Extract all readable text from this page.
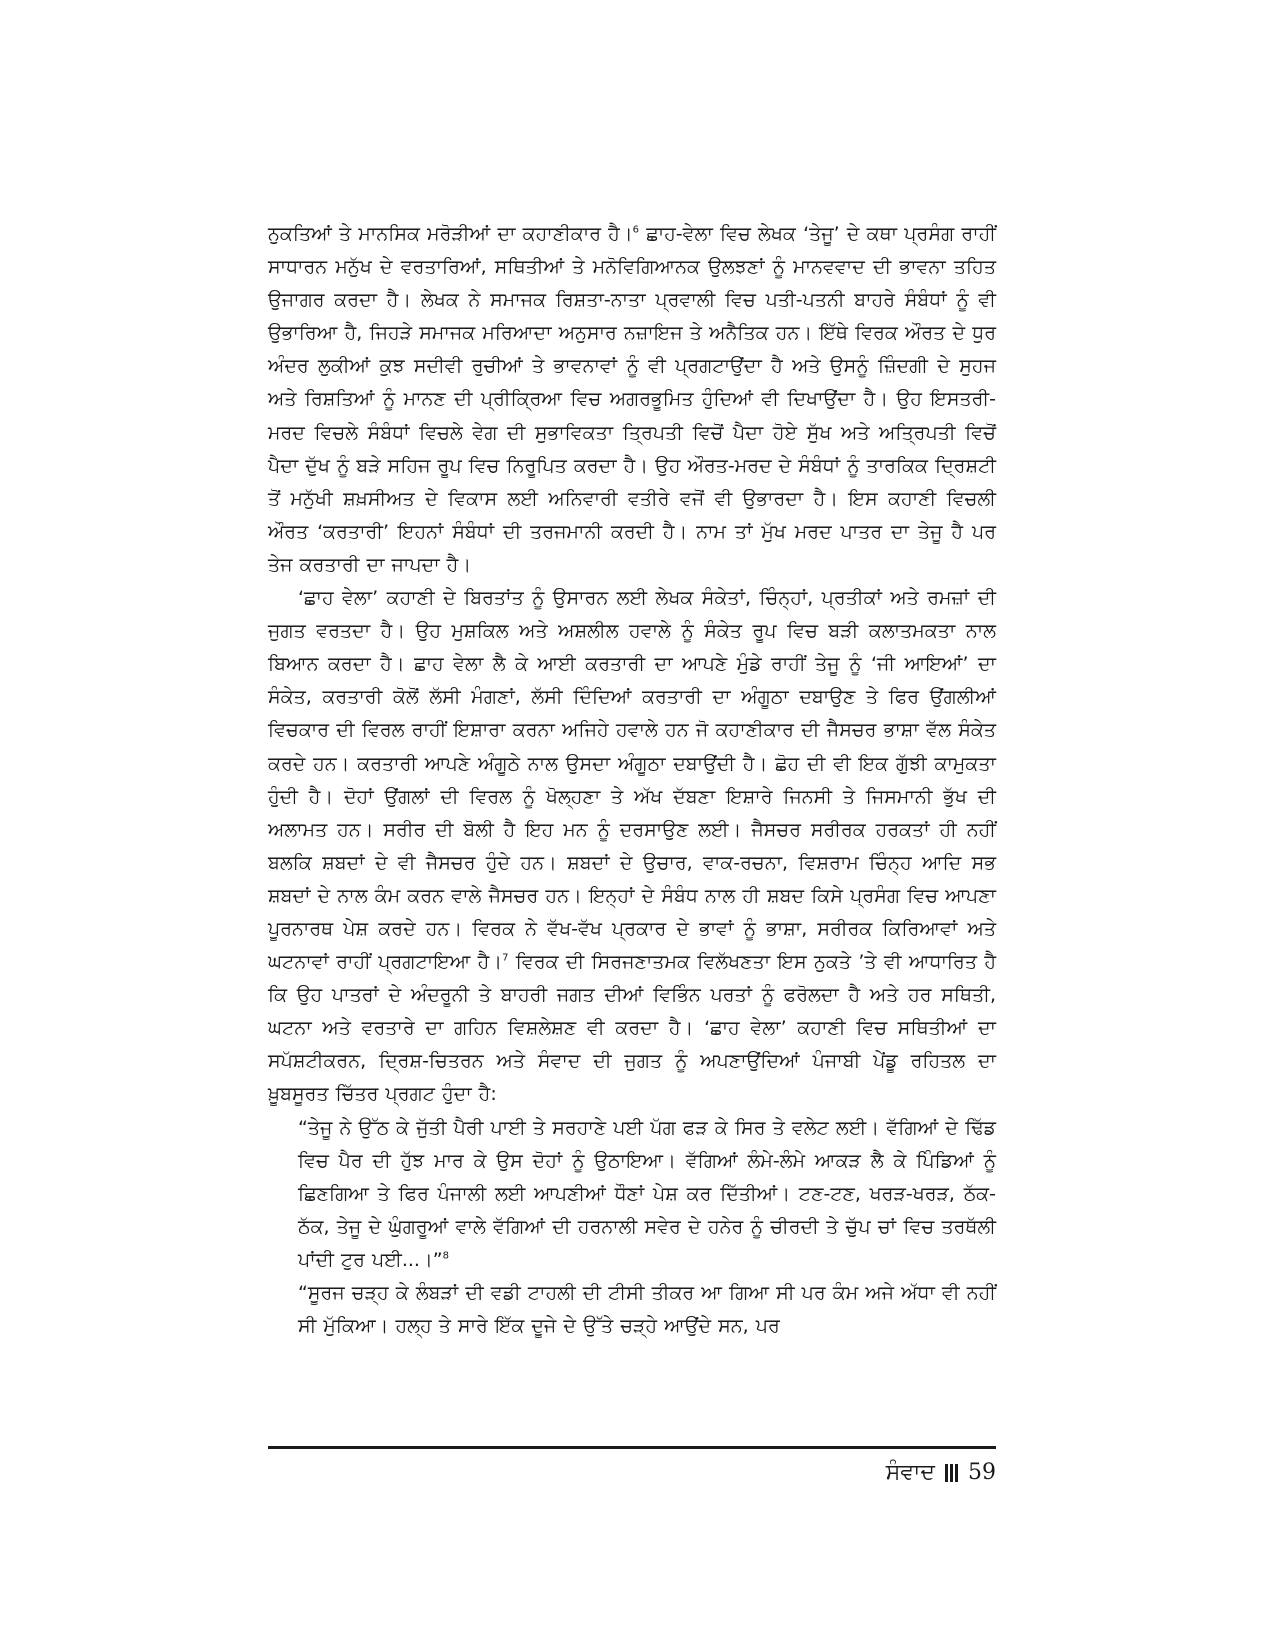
ਨੁਕਤਿਆਂ ਤੇ ਮਾਨਸਿਕ ਮਰੋੜੀਆਂ ਦਾ ਕਹਾਣੀਕਾਰ ਹੈ।$^6$ ਛਾਹ-ਵੇਲਾ ਵਿਚ ਲੇਖਕ ‘ਤੇਜੂ’ ਦੇ ਕਥਾ ਪ੍ਰਸੰਗ ਰਾਹੀਂ ਸਾਧਾਰਨ ਮਨੁੱਖ ਦੇ ਵਰਤਾਰਿਆਂ, ਸਥਿਤੀਆਂ ਤੇ ਮਨੋਵਿਗਿਆਨਕ ਉਲਝਣਾਂ ਨੂੰ ਮਾਨਵਵਾਦ ਦੀ ਭਾਵਨਾ ਤਹਿਤ ਉਜਾਗਰ ਕਰਦਾ ਹੈ। ਲੇਖਕ ਨੇ ਸਮਾਜਕ ਰਿਸ਼ਤਾ-ਨਾਤਾ ਪ੍ਰਵਾਲੀ ਵਿਚ ਪਤੀ-ਪਤਨੀ ਬਾਹਰੇ ਸੰਬੰਧਾਂ ਨੂੰ ਵੀ ਉਭਾਰਿਆ ਹੈ, ਜਿਹੜੇ ਸਮਾਜਕ ਮਰਿਆਦਾ ਅਨੁਸਾਰ ਨਜ਼ਾਇਜ ਤੇ ਅਨੈਤਿਕ ਹਨ। ਇੱਥੇ ਵਿਰਕ ਔਰਤ ਦੇ ਧੁਰ ਅੰਦਰ ਲੁਕੀਆਂ ਕੁਝ ਸਦੀਵੀ ਰੁਚੀਆਂ ਤੇ ਭਾਵਨਾਵਾਂ ਨੂੰ ਵੀ ਪ੍ਰਗਟਾਉਂਦਾ ਹੈ ਅਤੇ ਉਸਨੂੰ ਜ਼ਿੰਦਗੀ ਦੇ ਸੁਹਜ ਅਤੇ ਰਿਸ਼ਤਿਆਂ ਨੂੰ ਮਾਨਣ ਦੀ ਪ੍ਰੀਕ੍ਰਿਆ ਵਿਚ ਅਗਰਭੂਮਿਤ ਹੁੰਦਿਆਂ ਵੀ ਦਿਖਾਉਂਦਾ ਹੈ। ਉਹ ਇਸਤਰੀ-ਮਰਦ ਵਿਚਲੇ ਸੰਬੰਧਾਂ ਵਿਚਲੇ ਵੇਗ ਦੀ ਸੁਭਾਵਿਕਤਾ ਤ੍ਰਿਪਤੀ ਵਿਚੋਂ ਪੈਦਾ ਹੋਏ ਸੁੱਖ ਅਤੇ ਅਤ੍ਰਿਪਤੀ ਵਿਚੋਂ ਪੈਦਾ ਦੁੱਖ ਨੂੰ ਬੜੇ ਸਹਿਜ ਰੂਪ ਵਿਚ ਨਿਰੂਪਿਤ ਕਰਦਾ ਹੈ। ਉਹ ਔਰਤ-ਮਰਦ ਦੇ ਸੰਬੰਧਾਂ ਨੂੰ ਤਾਰਕਿਕ ਦ੍ਰਿਸ਼ਟੀ ਤੋਂ ਮਨੁੱਖੀ ਸ਼ਖ਼ਸੀਅਤ ਦੇ ਵਿਕਾਸ ਲਈ ਅਨਿਵਾਰੀ ਵਤੀਰੇ ਵਜੋਂ ਵੀ ਉਭਾਰਦਾ ਹੈ। ਇਸ ਕਹਾਣੀ ਵਿਚਲੀ ਔਰਤ ‘ਕਰਤਾਰੀ’ ਇਹਨਾਂ ਸੰਬੰਧਾਂ ਦੀ ਤਰਜਮਾਨੀ ਕਰਦੀ ਹੈ। ਨਾਮ ਤਾਂ ਮੁੱਖ ਮਰਦ ਪਾਤਰ ਦਾ ਤੇਜੂ ਹੈ ਪਰ ਤੇਜ ਕਰਤਾਰੀ ਦਾ ਜਾਪਦਾ ਹੈ।

‘ਛਾਹ ਵੇਲਾ’ ਕਹਾਣੀ ਦੇ ਬਿਰਤਾਂਤ ਨੂੰ ਉਸਾਰਨ ਲਈ ਲੇਖਕ ਸੰਕੇਤਾਂ, ਚਿੰਨ੍ਹਾਂ, ਪ੍ਰਤੀਕਾਂ ਅਤੇ ਰਮਜ਼ਾਂ ਦੀ ਜੁਗਤ ਵਰਤਦਾ ਹੈ। ਉਹ ਮੁਸ਼ਕਿਲ ਅਤੇ ਅਸ਼ਲੀਲ ਹਵਾਲੇ ਨੂੰ ਸੰਕੇਤ ਰੂਪ ਵਿਚ ਬੜੀ ਕਲਾਤਮਕਤਾ ਨਾਲ ਬਿਆਨ ਕਰਦਾ ਹੈ। ਛਾਹ ਵੇਲਾ ਲੈ ਕੇ ਆਈ ਕਰਤਾਰੀ ਦਾ ਆਪਣੇ ਮੁੰਡੇ ਰਾਹੀਂ ਤੇਜੂ ਨੂੰ ‘ਜੀ ਆਇਆਂ’ ਦਾ ਸੰਕੇਤ, ਕਰਤਾਰੀ ਕੋਲੋਂ ਲੱਸੀ ਮੰਗਣਾਂ, ਲੱਸੀ ਦਿੰਦਿਆਂ ਕਰਤਾਰੀ ਦਾ ਅੰਗੂਠਾ ਦਬਾਉਣ ਤੇ ਫਿਰ ਉਂਗਲੀਆਂ ਵਿਚਕਾਰ ਦੀ ਵਿਰਲ ਰਾਹੀਂ ਇਸ਼ਾਰਾ ਕਰਨਾ ਅਜਿਹੇ ਹਵਾਲੇ ਹਨ ਜੋ ਕਹਾਣੀਕਾਰ ਦੀ ਜੈਸਚਰ ਭਾਸ਼ਾ ਵੱਲ ਸੰਕੇਤ ਕਰਦੇ ਹਨ। ਕਰਤਾਰੀ ਆਪਣੇ ਅੰਗੂਠੇ ਨਾਲ ਉਸਦਾ ਅੰਗੂਠਾ ਦਬਾਉਂਦੀ ਹੈ। ਛੋਹ ਦੀ ਵੀ ਇਕ ਗੁੱਝੀ ਕਾਮੁਕਤਾ ਹੁੰਦੀ ਹੈ। ਦੋਹਾਂ ਉਂਗਲਾਂ ਦੀ ਵਿਰਲ ਨੂੰ ਖੋਲ੍ਹਣਾ ਤੇ ਅੱਖ ਦੱਬਣਾ ਇਸ਼ਾਰੇ ਜਿਨਸੀ ਤੇ ਜਿਸਮਾਨੀ ਭੁੱਖ ਦੀ ਅਲਾਮਤ ਹਨ। ਸਰੀਰ ਦੀ ਬੋਲੀ ਹੈ ਇਹ ਮਨ ਨੂੰ ਦਰਸਾਉਣ ਲਈ। ਜੈਸਚਰ ਸਰੀਰਕ ਹਰਕਤਾਂ ਹੀ ਨਹੀਂ ਬਲਕਿ ਸ਼ਬਦਾਂ ਦੇ ਵੀ ਜੈਸਚਰ ਹੁੰਦੇ ਹਨ। ਸ਼ਬਦਾਂ ਦੇ ਉਚਾਰ, ਵਾਕ-ਰਚਨਾ, ਵਿਸ਼ਰਾਮ ਚਿੰਨ੍ਹ ਆਦਿ ਸਭ ਸ਼ਬਦਾਂ ਦੇ ਨਾਲ ਕੰਮ ਕਰਨ ਵਾਲੇ ਜੈਸਚਰ ਹਨ। ਇਨ੍ਹਾਂ ਦੇ ਸੰਬੰਧ ਨਾਲ ਹੀ ਸ਼ਬਦ ਕਿਸੇ ਪ੍ਰਸੰਗ ਵਿਚ ਆਪਣਾ ਪੂਰਨਾਰਥ ਪੇਸ਼ ਕਰਦੇ ਹਨ। ਵਿਰਕ ਨੇ ਵੱਖ-ਵੱਖ ਪ੍ਰਕਾਰ ਦੇ ਭਾਵਾਂ ਨੂੰ ਭਾਸ਼ਾ, ਸਰੀਰਕ ਕਿਰਿਆਵਾਂ ਅਤੇ ਘਟਨਾਵਾਂ ਰਾਹੀਂ ਪ੍ਰਗਟਾਇਆ ਹੈ।$^7$ ਵਿਰਕ ਦੀ ਸਿਰਜਣਾਤਮਕ ਵਿਲੱਖਣਤਾ ਇਸ ਨੁਕਤੇ ’ਤੇ ਵੀ ਆਧਾਰਿਤ ਹੈ ਕਿ ਉਹ ਪਾਤਰਾਂ ਦੇ ਅੰਦਰੂਨੀ ਤੇ ਬਾਹਰੀ ਜਗਤ ਦੀਆਂ ਵਿਭਿੰਨ ਪਰਤਾਂ ਨੂੰ ਫਰੋਲਦਾ ਹੈ ਅਤੇ ਹਰ ਸਥਿਤੀ, ਘਟਨਾ ਅਤੇ ਵਰਤਾਰੇ ਦਾ ਗਹਿਨ ਵਿਸ਼ਲੇਸ਼ਣ ਵੀ ਕਰਦਾ ਹੈ। ‘ਛਾਹ ਵੇਲਾ’ ਕਹਾਣੀ ਵਿਚ ਸਥਿਤੀਆਂ ਦਾ ਸਪੱਸ਼ਟੀਕਰਨ, ਦ੍ਰਿਸ਼-ਚਿਤਰਨ ਅਤੇ ਸੰਵਾਦ ਦੀ ਜੁਗਤ ਨੂੰ ਅਪਣਾਉਂਦਿਆਂ ਪੰਜਾਬੀ ਪੇਂਡੂ ਰਹਿਤਲ ਦਾ ਖ਼ੂਬਸੂਰਤ ਚਿੱਤਰ ਪ੍ਰਗਟ ਹੁੰਦਾ ਹੈ:

“ਤੇਜੂ ਨੇ ਉੱਠ ਕੇ ਜੁੱਤੀ ਪੈਰੀ ਪਾਈ ਤੇ ਸਰਹਾਣੇ ਪਈ ਪੱਗ ਫੜ ਕੇ ਸਿਰ ਤੇ ਵਲੇਟ ਲਈ। ਵੱਗਿਆਂ ਦੇ ਢਿੱਡ ਵਿਚ ਪੈਰ ਦੀ ਹੁੱਝ ਮਾਰ ਕੇ ਉਸ ਦੋਹਾਂ ਨੂੰ ਉਠਾਇਆ। ਵੱਗਿਆਂ ਲੰਮੇ-ਲੰਮੇ ਆਕੜ ਲੈ ਕੇ ਪਿੰਡਿਆਂ ਨੂੰ ਛਿਣਗਿਆ ਤੇ ਫਿਰ ਪੰਜਾਲੀ ਲਈ ਆਪਣੀਆਂ ਧੌਣਾਂ ਪੇਸ਼ ਕਰ ਦਿੱਤੀਆਂ। ਟਣ-ਟਣ, ਖਰੜ-ਖਰੜ, ਠੱਕ-ਠੱਕ, ਤੇਜੂ ਦੇ ਘੁੰਗਰੂਆਂ ਵਾਲੇ ਵੱਗਿਆਂ ਦੀ ਹਰਨਾਲੀ ਸਵੇਰ ਦੇ ਹਨੇਰ ਨੂੰ ਚੀਰਦੀ ਤੇ ਚੁੱਪ ਚਾਂ ਵਿਚ ਤਰਥੱਲੀ ਪਾਂਦੀ ਟੁਰ ਪਈ...।”$^8$

“ਸੂਰਜ ਚੜ੍ਹ ਕੇ ਲੰਬੜਾਂ ਦੀ ਵਡੀ ਟਾਹਲੀ ਦੀ ਟੀਸੀ ਤੀਕਰ ਆ ਗਿਆ ਸੀ ਪਰ ਕੰਮ ਅਜੇ ਅੱਧਾ ਵੀ ਨਹੀਂ ਸੀ ਮੁੱਕਿਆ। ਹਲ੍ਹ ਤੇ ਸਾਰੇ ਇੱਕ ਦੂਜੇ ਦੇ ਉੱਤੇ ਚੜ੍ਹੇ ਆਉਂਦੇ ਸਨ, ਪਰ

ਸੰਵਾਦ 59
